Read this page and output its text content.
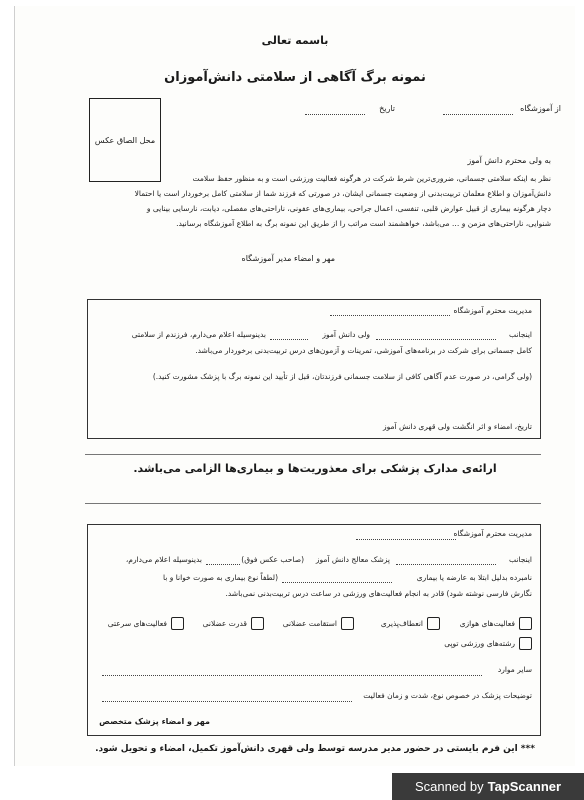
باسمه تعالی
نمونه برگ آگاهی از سلامتی دانش‌آموزان
از آموزشگاه
تاریخ
محل الصاق عکس
به ولی محترم دانش آموز
نظر به اینکه سلامتی جسمانی، ضروری‌ترین شرط شرکت در هرگونه فعالیت ورزشی است و به منظور حفظ سلامت
دانش‌آموزان و اطلاع معلمان تربیت‌بدنی از وضعیت جسمانی ایشان، در صورتی که فرزند شما از سلامتی کامل برخوردار است یا احتمالا
دچار هرگونه بیماری از قبیل عوارض قلبی، تنفسی، اعمال جراحی، بیماری‌های عفونی، ناراحتی‌های مفصلی، دیابت، نارسایی بینایی و
شنوایی، ناراحتی‌های مزمن و … می‌باشد، خواهشمند است مراتب را از طریق این نمونه برگ به اطلاع آموزشگاه برسانید.
مهر و امضاء مدیر آموزشگاه
مدیریت محترم آموزشگاه
اینجانب
ولی دانش آموز
بدینوسیله اعلام می‌دارم، فرزندم از سلامتی
کامل جسمانی برای شرکت در برنامه‌های آموزشی، تمرینات و آزمون‌های درس تربیت‌بدنی برخوردار می‌باشد.
(ولی گرامی، در صورت عدم آگاهی کافی از سلامت جسمانی فرزندتان، قبل از تأیید این نمونه برگ با پزشک مشورت کنید.)
تاریخ، امضاء و اثر انگشت ولی قهری دانش آموز
ارائه‌ی مدارک پزشکی برای معذوریت‌ها و بیماری‌ها الزامی می‌باشد.
مدیریت محترم آموزشگاه
اینجانب
پزشک معالج دانش آموز
(صاحب عکس فوق)
بدینوسیله اعلام می‌دارم،
نامبرده بدلیل ابتلا به عارضه یا بیماری
(لطفاً نوع بیماری به صورت خوانا و با
نگارش فارسی نوشته شود) قادر به انجام فعالیت‌های ورزشی در ساعت درس تربیت‌بدنی نمی‌باشد.
فعالیت‌های هوازی
انعطاف‌پذیری
استقامت عضلانی
قدرت عضلانی
فعالیت‌های سرعتی
رشته‌های ورزشی توپی
سایر موارد
توضیحات پزشک در خصوص نوع، شدت و زمان فعالیت
مهر و امضاء پزشک متخصص
*** این فرم بایستی در حضور مدیر مدرسه توسط ولی قهری دانش‌آموز تکمیل، امضاء و تحویل شود.
Scanned by TapScanner
